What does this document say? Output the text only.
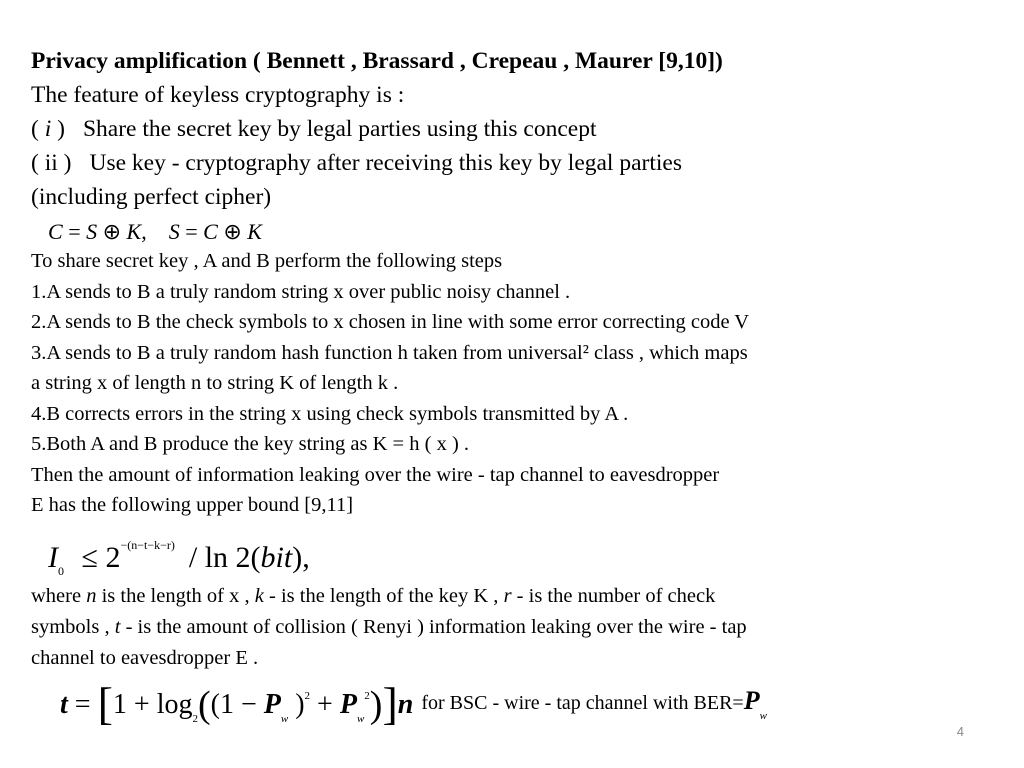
Privacy amplification ( Bennett , Brassard , Crepeau , Maurer [9,10])
The feature of keyless cryptography is :
( i ) Share the secret key by legal parties using this concept
( ii ) Use key - cryptography after receiving this key by legal parties
(including perfect cipher)
C = S ⊕ K, S = C ⊕ K
To share secret key , A and B perform the following steps
1.A sends to B a truly random string x over public noisy channel .
2.A sends to B the check symbols to x chosen in line with some error correcting code V
3.A sends to B a truly random hash function h taken from universal² class , which maps
a string x of length n to string K of length k .
4.B corrects errors in the string x using check symbols transmitted by A .
5.Both A and B produce the key string as K = h ( x ) .
Then the amount of information leaking over the wire - tap channel to eavesdropper
E has the following upper bound [9,11]
$I_0 \le 2^{-(n-t-k-r)} / \ln 2(bit)$,
where n is the length of x , k - is the length of the key K , r - is the number of check
symbols , t - is the amount of collision ( Renyi ) information leaking over the wire - tap
channel to eavesdropper E .
$t = [1 + \log_2((1 - P_w$ )$^2 + P_w^2)]n$ for BSC - wire - tap channel with $BER=P_w$
4
